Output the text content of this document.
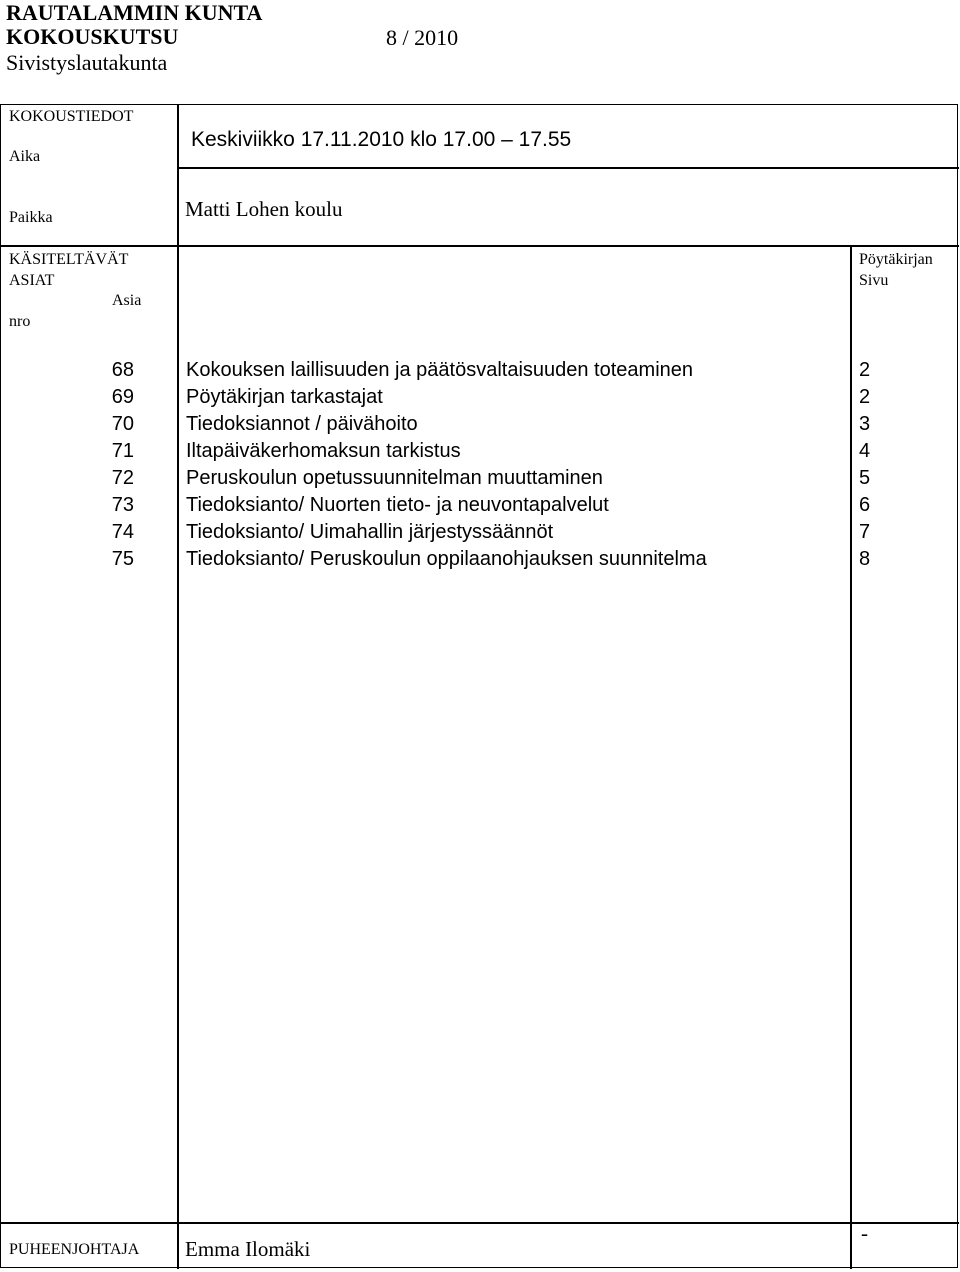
RAUTALAMMIN KUNTA
KOKOUSKUTSU	8 / 2010
Sivistyslautakunta
KOKOUSTIEDOT
Aika
Keskiviikko 17.11.2010 klo 17.00 – 17.55
Paikka	Matti Lohen koulu
KÄSITELTÄVÄT
ASIAT
Asia
nro
Pöytäkirjan
Sivu
68	Kokouksen laillisuuden ja päätösvaltaisuuden toteaminen	2
69	Pöytäkirjan tarkastajat	2
70	Tiedoksiannot / päivähoito	3
71	Iltapäiväkerhomaksun tarkistus	4
72	Peruskoulun opetussuunnitelman muuttaminen	5
73	Tiedoksianto/ Nuorten tieto- ja neuvontapalvelut	6
74	Tiedoksianto/ Uimahallin järjestyssäännöt	7
75	Tiedoksianto/ Peruskoulun oppilaanohjauksen suunnitelma	8
PUHEENJOHTAJA Emma Ilomäki
-
